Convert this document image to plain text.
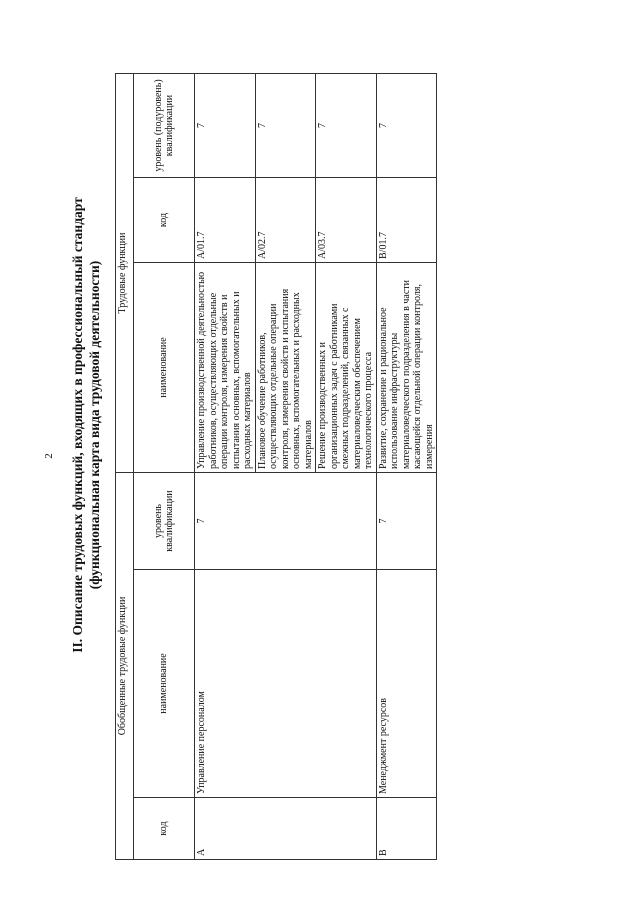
2 II. Описание трудовых функций, входящих в профессиональный стандарт (функциональная карта вида трудовой деятельности)
Обобщенные трудовые функции			Трудовые функции		
код	наименование	уровень квалификации	наименование	код	уровень (подуровень) квалификации
A	Управление персоналом	7	Управление производственной деятельностью работников, осуществляющих отдельные операции контроля, измерения свойств и испытания основных, вспомогательных и расходных материалов	A/01.7	7
			Плановое обучение работников, осуществляющих отдельные операции контроля, измерения свойств и испытания основных, вспомогательных и расходных материалов	A/02.7	7
			Решение производственных и организационных задач с работниками смежных подразделений, связанных с материаловедческим обеспечением технологического процесса	A/03.7	7
B	Менеджмент ресурсов	7	Развитие, сохранение и рациональное использование инфраструктуры материаловедческого подразделения в части касающейся отдельной операции контроля, измерения	B/01.7	7
